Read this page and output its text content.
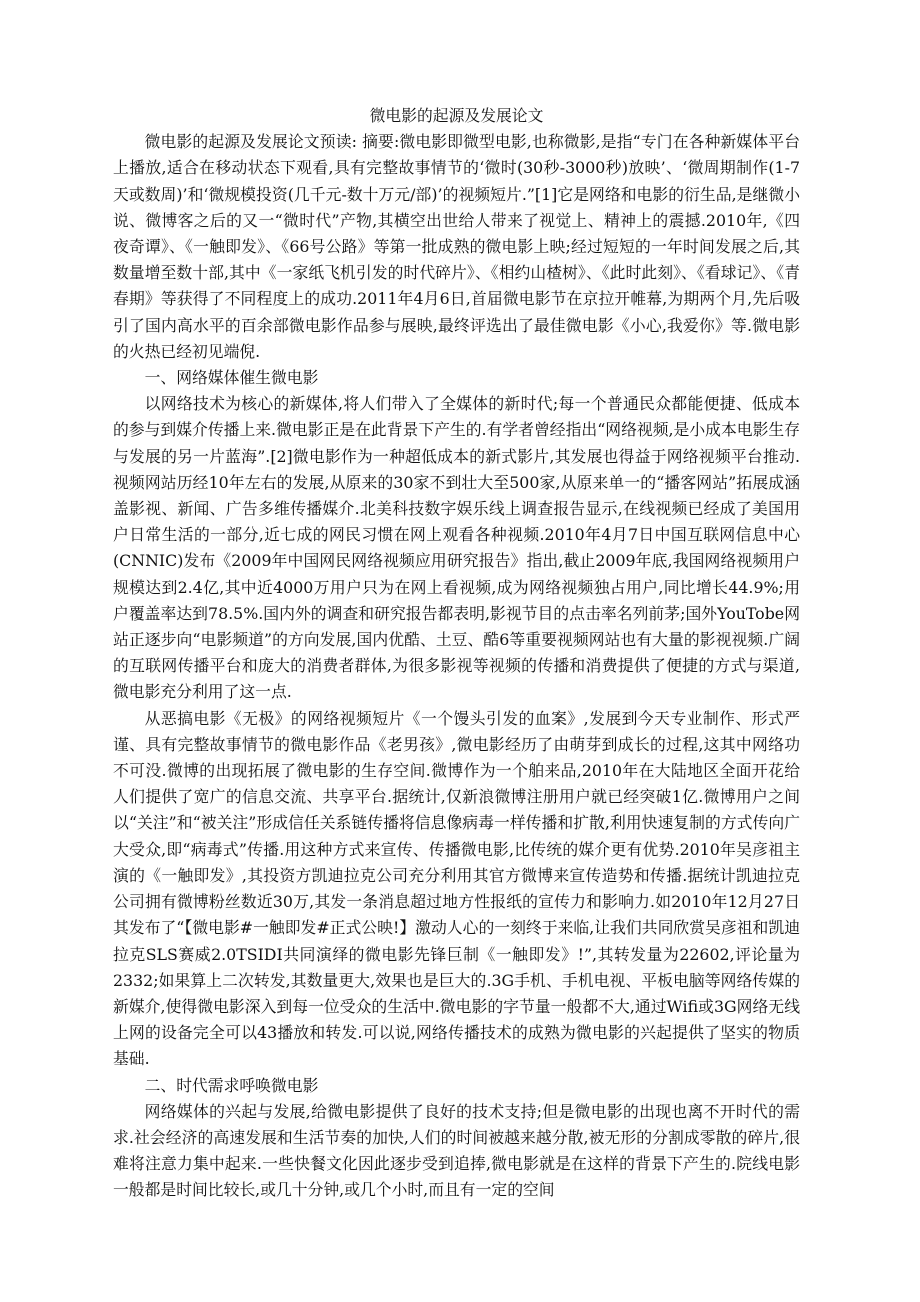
微电影的起源及发展论文

微电影的起源及发展论文预读: 摘要:微电影即微型电影,也称微影,是指“专门在各种新媒体平台上播放,适合在移动状态下观看,具有完整故事情节的‘微时(30秒-3000秒)放映’、‘微周期制作(1-7天或数周)’和‘微规模投资(几千元-数十万元/部)’的视频短片.”[1]它是网络和电影的衍生品,是继微小说、微博客之后的又一“微时代”产物,其横空出世给人带来了视觉上、精神上的震撼.2010年,《四夜奇谭》、《一触即发》、《66号公路》等第一批成熟的微电影上映;经过短短的一年时间发展之后,其数量增至数十部,其中《一家纸飞机引发的时代碎片》、《相约山楂树》、《此时此刻》、《看球记》、《青春期》等获得了不同程度上的成功.2011年4月6日,首届微电影节在京拉开帷幕,为期两个月,先后吸引了国内高水平的百余部微电影作品参与展映,最终评选出了最佳微电影《小心,我爱你》等.微电影的火热已经初见端倪.

一、网络媒体催生微电影

以网络技术为核心的新媒体,将人们带入了全媒体的新时代;每一个普通民众都能便捷、低成本的参与到媒介传播上来.微电影正是在此背景下产生的.有学者曾经指出“网络视频,是小成本电影生存与发展的另一片蓝海”.[2]微电影作为一种超低成本的新式影片,其发展也得益于网络视频平台推动.视频网站历经10年左右的发展,从原来的30家不到壮大至500家,从原来单一的“播客网站”拓展成涵盖影视、新闻、广告多维传播媒介.北美科技数字娱乐线上调查报告显示,在线视频已经成了美国用户日常生活的一部分,近七成的网民习惯在网上观看各种视频.2010年4月7日中国互联网信息中心(CNNIC)发布《2009年中国网民网络视频应用研究报告》指出,截止2009年底,我国网络视频用户规模达到2.4亿,其中近4000万用户只为在网上看视频,成为网络视频独占用户,同比增长44.9%;用户覆盖率达到78.5%.国内外的调查和研究报告都表明,影视节目的点击率名列前茅;国外YouTobe网站正逐步向“电影频道”的方向发展,国内优酷、土豆、酷6等重要视频网站也有大量的影视视频.广阔的互联网传播平台和庞大的消费者群体,为很多影视等视频的传播和消费提供了便捷的方式与渠道,微电影充分利用了这一点.

从恶搞电影《无极》的网络视频短片《一个馒头引发的血案》,发展到今天专业制作、形式严谨、具有完整故事情节的微电影作品《老男孩》,微电影经历了由萌芽到成长的过程,这其中网络功不可没.微博的出现拓展了微电影的生存空间.微博作为一个舶来品,2010年在大陆地区全面开花给人们提供了宽广的信息交流、共享平台.据统计,仅新浪微博注册用户就已经突破1亿.微博用户之间以“关注”和“被关注”形成信任关系链传播将信息像病毒一样传播和扩散,利用快速复制的方式传向广大受众,即“病毒式”传播.用这种方式来宣传、传播微电影,比传统的媒介更有优势.2010年吴彦祖主演的《一触即发》,其投资方凯迪拉克公司充分利用其官方微博来宣传造势和传播.据统计凯迪拉克公司拥有微博粉丝数近30万,其发一条消息超过地方性报纸的宣传力和影响力.如2010年12月27日其发布了“【微电影#一触即发#正式公映!】激动人心的一刻终于来临,让我们共同欣赏吴彦祖和凯迪拉克SLS赛威2.0TSIDI共同演绎的微电影先锋巨制《一触即发》!”,其转发量为22602,评论量为2332;如果算上二次转发,其数量更大,效果也是巨大的.3G手机、手机电视、平板电脑等网络传媒的新媒介,使得微电影深入到每一位受众的生活中.微电影的字节量一般都不大,通过Wifi或3G网络无线上网的设备完全可以43播放和转发.可以说,网络传播技术的成熟为微电影的兴起提供了坚实的物质基础.

二、时代需求呼唤微电影

网络媒体的兴起与发展,给微电影提供了良好的技术支持;但是微电影的出现也离不开时代的需求.社会经济的高速发展和生活节奏的加快,人们的时间被越来越分散,被无形的分割成零散的碎片,很难将注意力集中起来.一些快餐文化因此逐步受到追捧,微电影就是在这样的背景下产生的.院线电影一般都是时间比较长,或几十分钟,或几个小时,而且有一定的空间
